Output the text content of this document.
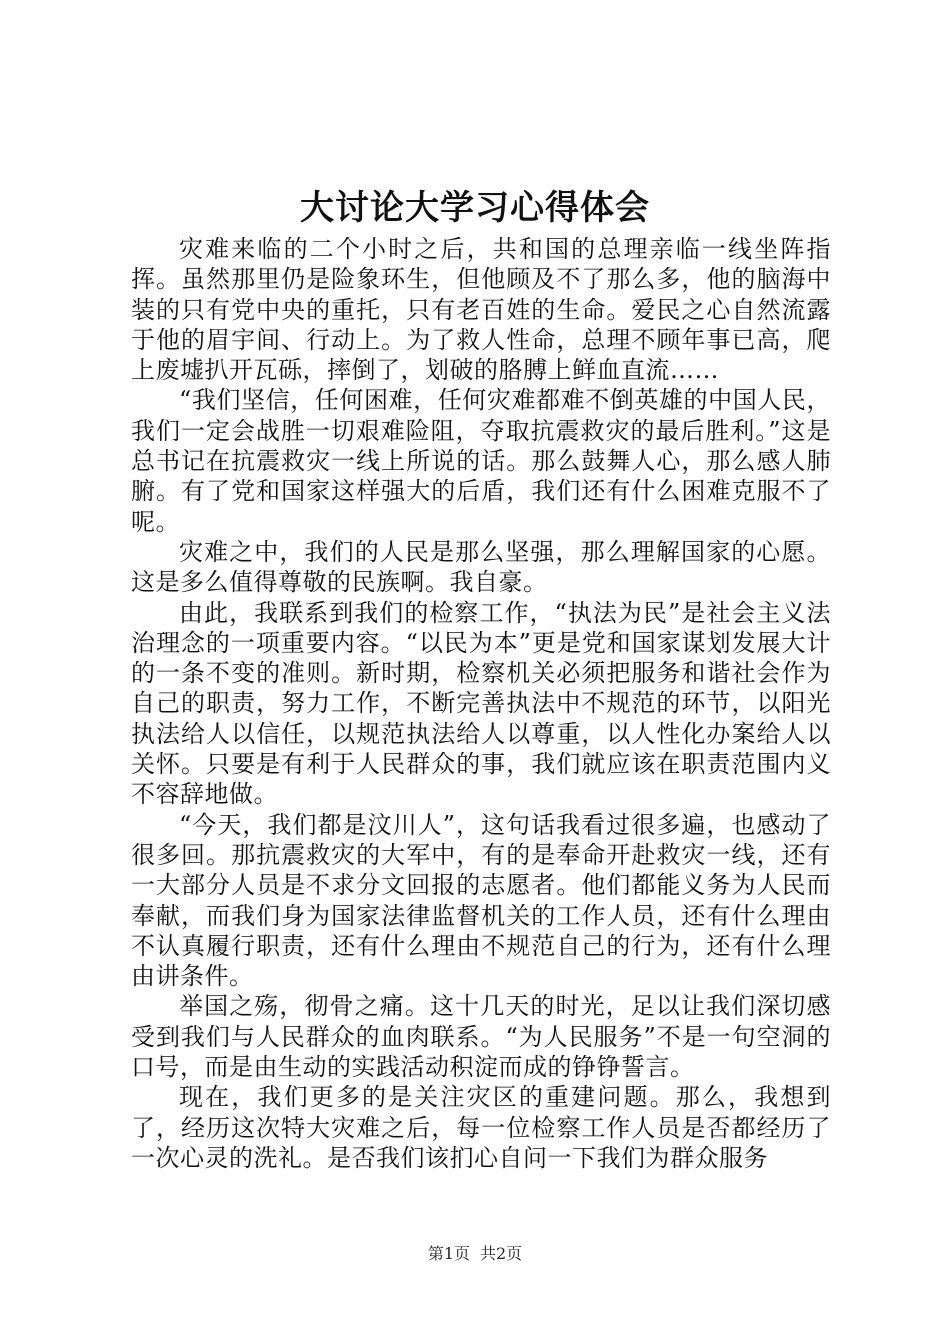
大讨论大学习心得体会

灾难来临的二个小时之后，共和国的总理亲临一线坐阵指挥。虽然那里仍是险象环生，但他顾及不了那么多，他的脑海中装的只有党中央的重托，只有老百姓的生命。爱民之心自然流露于他的眉宇间、行动上。为了救人性命，总理不顾年事已高，爬上废墟扒开瓦砾，摔倒了，划破的胳膊上鲜血直流……

“我们坚信，任何困难，任何灾难都难不倒英雄的中国人民，我们一定会战胜一切艰难险阻，夺取抗震救灾的最后胜利。”这是总书记在抗震救灾一线上所说的话。那么鼓舞人心，那么感人肺腑。有了党和国家这样强大的后盾，我们还有什么困难克服不了呢。

灾难之中，我们的人民是那么坚强，那么理解国家的心愿。这是多么值得尊敬的民族啊。我自豪。

由此，我联系到我们的检察工作，“执法为民”是社会主义法治理念的一项重要内容。“以民为本”更是党和国家谋划发展大计的一条不变的准则。新时期，检察机关必须把服务和谐社会作为自己的职责，努力工作，不断完善执法中不规范的环节，以阳光执法给人以信任，以规范执法给人以尊重，以人性化办案给人以关怀。只要是有利于人民群众的事，我们就应该在职责范围内义不容辞地做。

“今天，我们都是汶川人”，这句话我看过很多遍，也感动了很多回。那抗震救灾的大军中，有的是奉命开赴救灾一线，还有一大部分人员是不求分文回报的志愿者。他们都能义务为人民而奉献，而我们身为国家法律监督机关的工作人员，还有什么理由不认真履行职责，还有什么理由不规范自己的行为，还有什么理由讲条件。

举国之殇，彻骨之痛。这十几天的时光，足以让我们深切感受到我们与人民群众的血肉联系。“为人民服务”不是一句空洞的口号，而是由生动的实践活动积淀而成的铮铮誓言。

现在，我们更多的是关注灾区的重建问题。那么，我想到了，经历这次特大灾难之后，每一位检察工作人员是否都经历了一次心灵的洗礼。是否我们该扪心自问一下我们为群众服务

第1页 共2页
